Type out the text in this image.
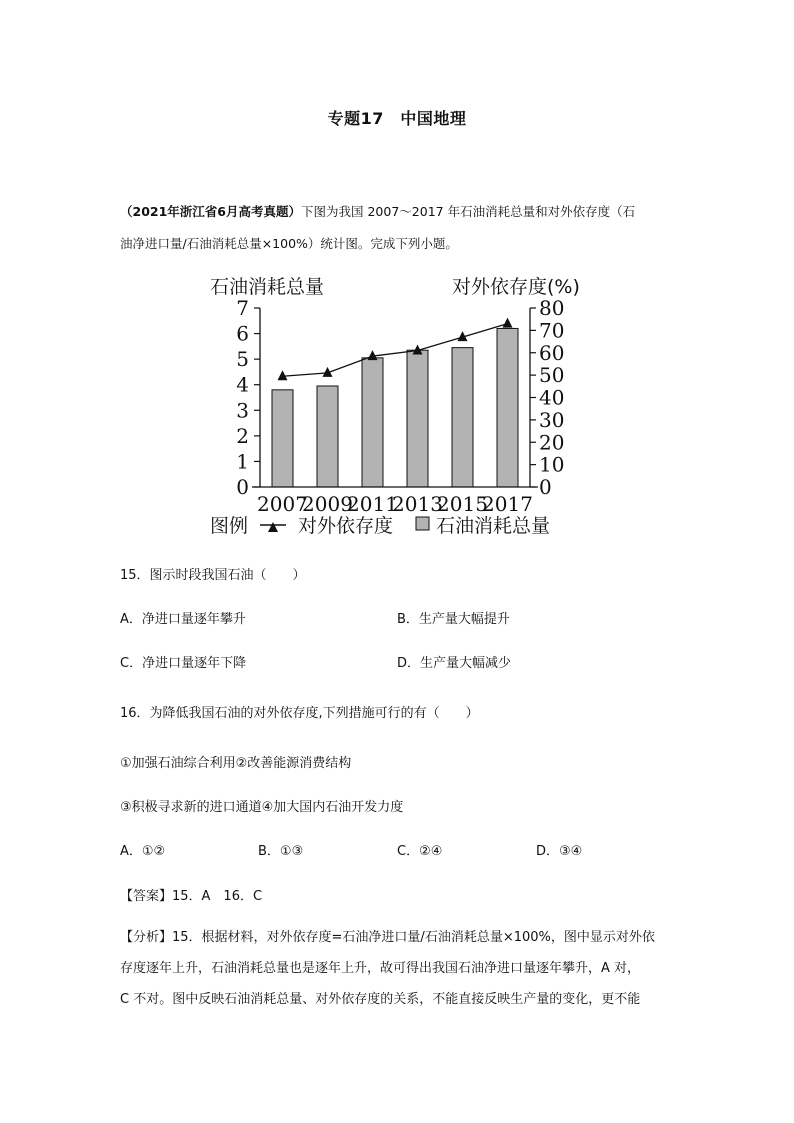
专题17　中国地理
（2021年浙江省6月高考真题）下图为我国 2007～2017 年石油消耗总量和对外依存度（石
油净进口量/石油消耗总量×100%）统计图。完成下列小题。
0
1
2
3
4
5
6
7
0
10
20
30
40
50
60
70
80
2007
2009
2011
2013
2015
2017
石油消耗总量	对外依存度(%)
图例	对外依存度 石油消耗总量
15．图示时段我国石油（　　）
A．净进口量逐年攀升	B．生产量大幅提升
C．净进口量逐年下降	D．生产量大幅减少
16．为降低我国石油的对外依存度,下列措施可行的有（　　）
①加强石油综合利用②改善能源消费结构
③积极寻求新的进口通道④加大国内石油开发力度
A．①②	B．①③	C．②④	D．③④
【答案】15．A　16．C
【分析】15．根据材料，对外依存度=石油净进口量/石油消耗总量×100%，图中显示对外依
存度逐年上升，石油消耗总量也是逐年上升，故可得出我国石油净进口量逐年攀升，A 对，
C 不对。图中反映石油消耗总量、对外依存度的关系，不能直接反映生产量的变化，更不能
